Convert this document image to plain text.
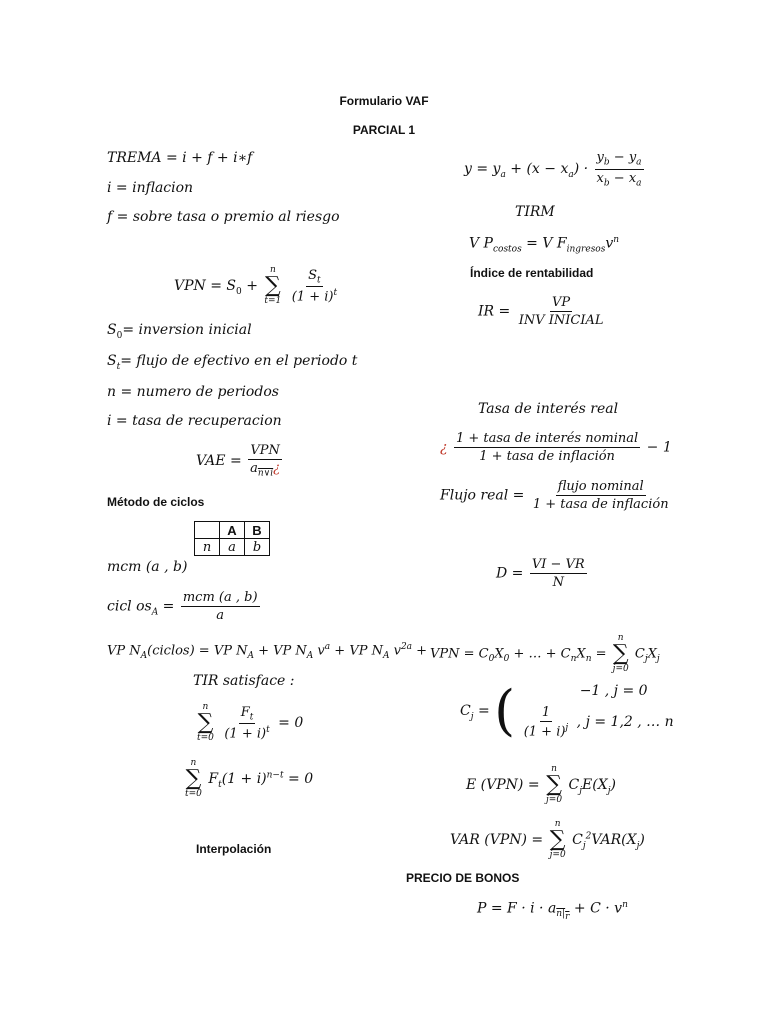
Formulario VAF
PARCIAL 1
TREMA = i + f + i∗f
i = inflacion
f = sobre tasa o premio al riesgo
VPN = $S_0$ +
n
∑
t=1
$\frac{S_t}{(1 + i)^t}$
$S_0=$ inversion inicial
$S_t=$ flujo de efectivo en el periodo t
n = numero de periodos
i = tasa de recuperacion
VAE = $\frac{\text{VPN}}{a_{n\vee i}¿}$
Método de ciclos
	A	B
n	a	b
mcm (a , b)
cicl $os_A = \frac{\text{mcm (a , b)}}{a}$
VP $N_A(ciclos)$ = VP $N_A$ + VP $N_A$ $v^a$ + VP $N_A$ $v^{2a}$ +
TIR satisface :
n
∑
t=0
$\frac{F_t}{(1 + i)^t} = 0$
n
∑
t=0
$F_t(1 + i)^{n-t} = 0$
Interpolación
$y = y_a + (x - x_a) \cdot \frac{y_b - y_a}{x_b - x_a}$
TIRM
V $P_{costos} = V$ $F_{ingresos}v^n$
Índice de rentabilidad
IR = $\frac{VP}{\text{INV INICIAL}}$
Tasa de interés real
¿ $\frac{\text{1 + tasa de interés nominal}}{\text{1 + tasa de inflación}} - 1$
Flujo real = $\frac{\text{flujo nominal}}{\text{1 + tasa de inflación}}$
$D = \frac{VI - VR}{N}$
VPN = $C_0X_0$ + … + $C_nX_n$ =
n
∑
j=0
$C_jX_j$
$C_j$ = (	−1 , j = 0
$\frac{1}{(1 + i)^j}$ , j = 1,2 , … n
E (VPN) =
n
∑
j=0
$C_jE(X_j)$
VAR (VPN) =
n
∑
j=0
$C_j^2VAR(X_j)$
PRECIO DE BONOS
$P = F \cdot i \cdot a_{n|_r} + C \cdot v^n$
